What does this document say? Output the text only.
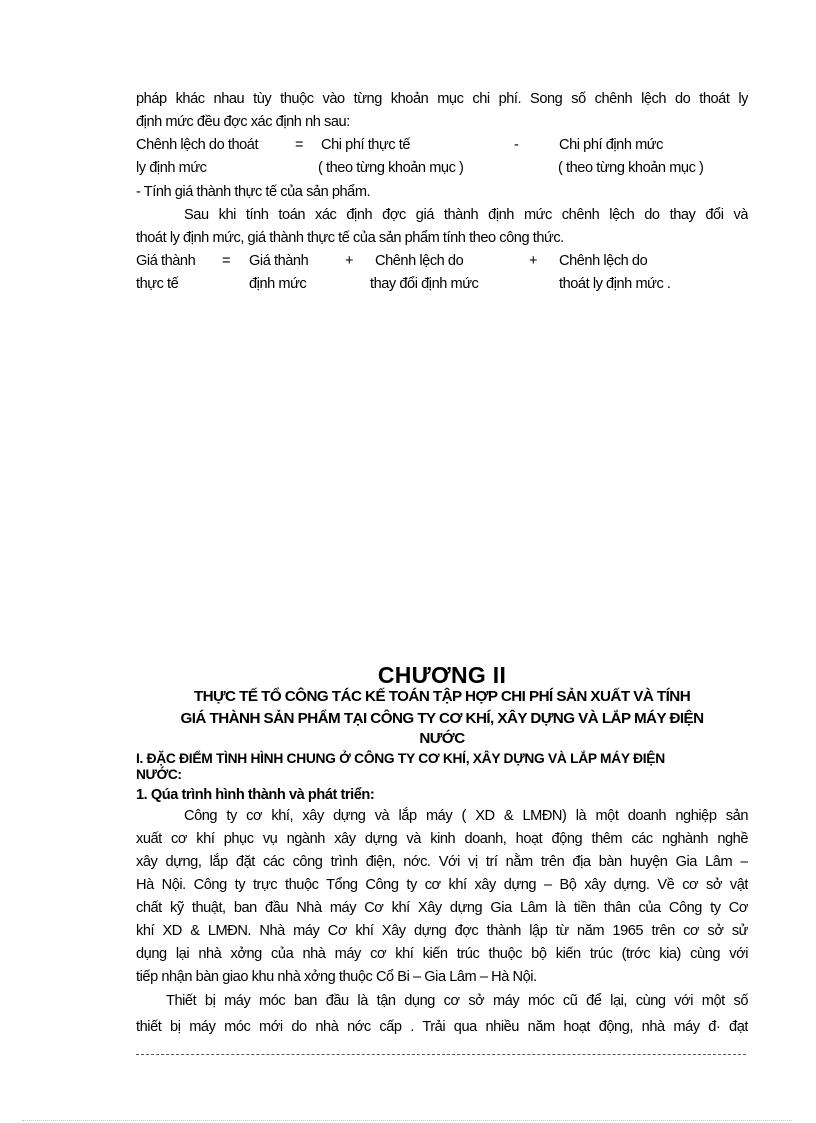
pháp khác nhau tùy thuộc vào từng khoản mục chi phí. Song số chênh lệch do thoát ly
định mức đều đợc xác định nh sau:
Chênh lệch do thoát	= Chi phí thực tế	-	Chi phí định mức
ly định mức	( theo từng khoản mục )	( theo từng khoản mục )
- Tính giá thành thực tế của sản phẩm.
Sau khi tính toán xác định đợc giá thành định mức chênh lệch do thay đổi và
thoát ly định mức, giá thành thực tế của sản phẩm tính theo công thức.
Giá thành = Giá thành	+ Chênh lệch do	+ Chênh lệch do
thực tế	định mức	thay đổi định mức	thoát ly định mức .
CHƯƠNG II
THỰC TẾ TỔ CÔNG TÁC KẾ TOÁN TẬP HỢP CHI PHÍ SẢN XUẤT VÀ TÍNH
GIÁ THÀNH SẢN PHẨM TẠI CÔNG TY CƠ KHÍ, XÂY DỰNG VÀ LẮP MÁY ĐIỆN
NƯỚC
I. ĐẶC ĐIỂM TÌNH HÌNH CHUNG Ở CÔNG TY CƠ KHÍ, XÂY DỰNG VÀ LẮP MÁY ĐIỆN
NƯỚC:
1. Qúa trình hình thành và phát triển:
Công ty cơ khí, xây dựng và lắp máy ( XD & LMĐN) là một doanh nghiệp sản
xuất cơ khí phục vụ ngành xây dựng và kinh doanh, hoạt động thêm các nghành nghề
xây dựng, lắp đặt các công trình điện, nớc. Với vị trí nằm trên địa bàn huyện Gia Lâm –
Hà Nội. Công ty trực thuộc Tổng Công ty cơ khí xây dựng – Bộ xây dựng. Về cơ sở vật
chất kỹ thuật, ban đầu Nhà máy Cơ khí Xây dựng Gia Lâm là tiền thân của Công ty Cơ
khí XD & LMĐN. Nhà máy Cơ khí Xây dựng đợc thành lập từ năm 1965 trên cơ sở sử
dụng lại nhà xởng của nhà máy cơ khí kiến trúc thuộc bộ kiến trúc (trớc kia) cùng với
tiếp nhận bàn giao khu nhà xởng thuộc Cổ Bi – Gia Lâm – Hà Nội.
Thiết bị máy móc ban đầu là tận dụng cơ sở máy móc cũ để lại, cùng với một số
thiết bị máy móc mới do nhà nớc cấp . Trải qua nhiều năm hoạt động, nhà máy đ· đạt
